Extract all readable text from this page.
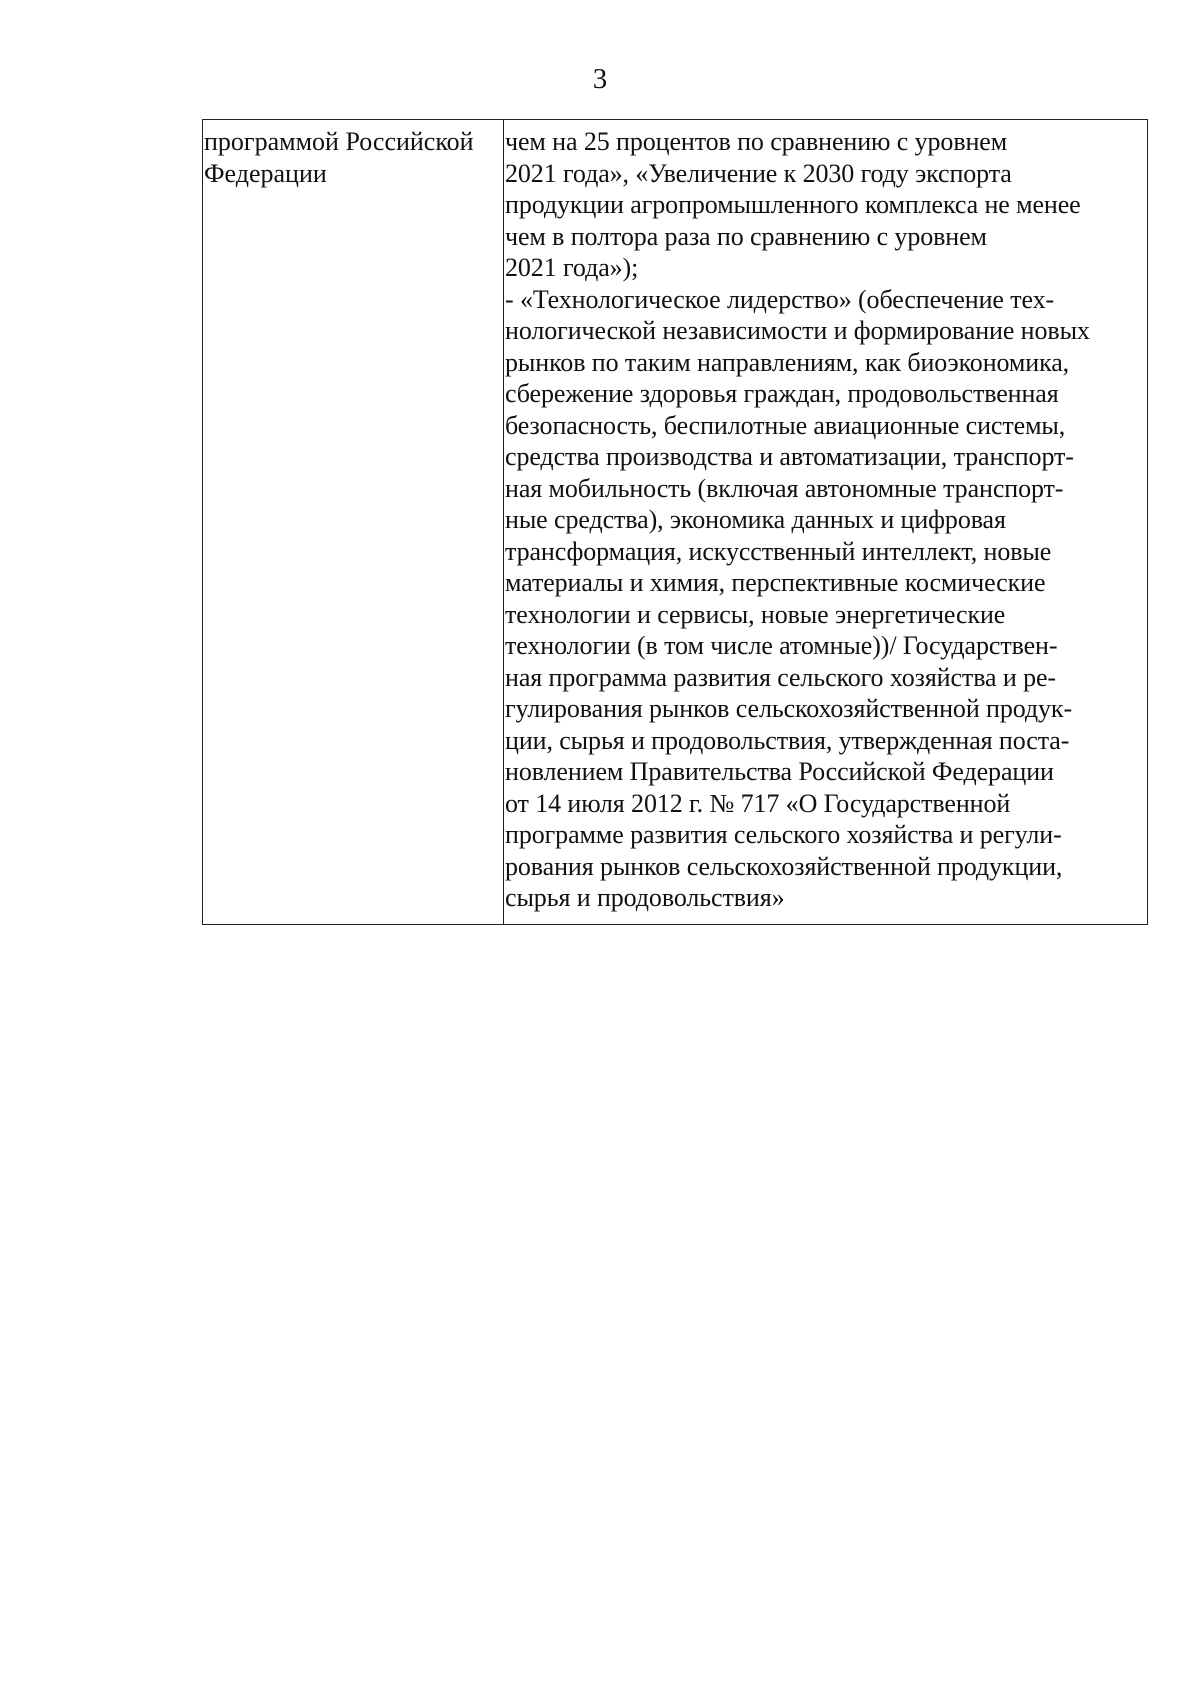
3
программой Российской
Федерации

чем на 25 процентов по сравнению с уровнем
2021 года», «Увеличение к 2030 году экспорта
продукции агропромышленного комплекса не менее
чем в полтора раза по сравнению с уровнем
2021 года»);
- «Технологическое лидерство» (обеспечение тех-
нологической независимости и формирование новых
рынков по таким направлениям, как биоэкономика,
сбережение здоровья граждан, продовольственная
безопасность, беспилотные авиационные системы,
средства производства и автоматизации, транспорт-
ная мобильность (включая автономные транспорт-
ные средства), экономика данных и цифровая
трансформация, искусственный интеллект, новые
материалы и химия, перспективные космические
технологии и сервисы, новые энергетические
технологии (в том числе атомные))/ Государствен-
ная программа развития сельского хозяйства и ре-
гулирования рынков сельскохозяйственной продук-
ции, сырья и продовольствия, утвержденная поста-
новлением Правительства Российской Федерации
от 14 июля 2012 г. № 717 «О Государственной
программе развития сельского хозяйства и регули-
рования рынков сельскохозяйственной продукции,
сырья и продовольствия»
